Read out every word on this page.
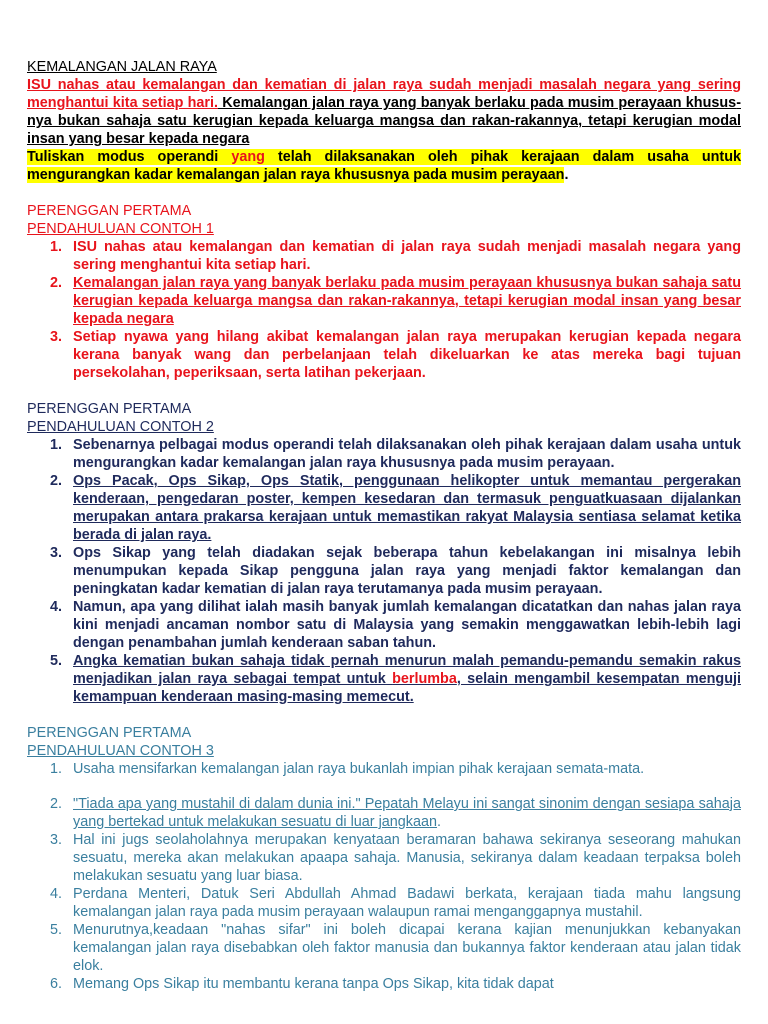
KEMALANGAN JALAN RAYA

ISU nahas atau kemalangan dan kematian di jalan raya sudah menjadi masalah negara yang sering menghantui kita setiap hari. Kemalangan jalan raya yang banyak berlaku pada musim perayaan khususnya bukan sahaja satu kerugian kepada keluarga mangsa dan rakan-rakannya, tetapi kerugian modal insan yang besar kepada negara

Tuliskan modus operandi yang telah dilaksanakan oleh pihak kerajaan dalam usaha untuk mengurangkan kadar kemalangan jalan raya khususnya pada musim perayaan.

PERENGGAN PERTAMA

PENDAHULUAN CONTOH 1

1. ISU nahas atau kemalangan dan kematian di jalan raya sudah menjadi masalah negara yang sering menghantui kita setiap hari.
2. Kemalangan jalan raya yang banyak berlaku pada musim perayaan khususnya bukan sahaja satu kerugian kepada keluarga mangsa dan rakan-rakannya, tetapi kerugian modal insan yang besar kepada negara
3. Setiap nyawa yang hilang akibat kemalangan jalan raya merupakan kerugian kepada negara kerana banyak wang dan perbelanjaan telah dikeluarkan ke atas mereka bagi tujuan persekolahan, peperiksaan, serta latihan pekerjaan.

PERENGGAN PERTAMA

PENDAHULUAN CONTOH 2

1. Sebenarnya pelbagai modus operandi telah dilaksanakan oleh pihak kerajaan dalam usaha untuk mengurangkan kadar kemalangan jalan raya khususnya pada musim perayaan.
2. Ops Pacak, Ops Sikap, Ops Statik, penggunaan helikopter untuk memantau pergerakan kenderaan, pengedaran poster, kempen kesedaran dan termasuk penguatkuasaan dijalankan merupakan antara prakarsa kerajaan untuk memastikan rakyat Malaysia sentiasa selamat ketika berada di jalan raya.
3. Ops Sikap yang telah diadakan sejak beberapa tahun kebelakangan ini misalnya lebih menumpukan kepada Sikap pengguna jalan raya yang menjadi faktor kemalangan dan peningkatan kadar kematian di jalan raya terutamanya pada musim perayaan.
4. Namun, apa yang dilihat ialah masih banyak jumlah kemalangan dicatatkan dan nahas jalan raya kini menjadi ancaman nombor satu di Malaysia yang semakin menggawatkan lebih-lebih lagi dengan penambahan jumlah kenderaan saban tahun.
5. Angka kematian bukan sahaja tidak pernah menurun malah pemandu-pemandu semakin rakus menjadikan jalan raya sebagai tempat untuk berlumba, selain mengambil kesempatan menguji kemampuan kenderaan masing-masing memecut.

PERENGGAN PERTAMA

PENDAHULUAN CONTOH 3

1. Usaha mensifarkan kemalangan jalan raya bukanlah impian pihak kerajaan semata-mata.
2. "Tiada apa yang mustahil di dalam dunia ini." Pepatah Melayu ini sangat sinonim dengan sesiapa sahaja yang bertekad untuk melakukan sesuatu di luar jangkaan.
3. Hal ini jugs seolaholahnya merupakan kenyataan beramaran bahawa sekiranya seseorang mahukan sesuatu, mereka akan melakukan apaapa sahaja. Manusia, sekiranya dalam keadaan terpaksa boleh melakukan sesuatu yang luar biasa.
4. Perdana Menteri, Datuk Seri Abdullah Ahmad Badawi berkata, kerajaan tiada mahu langsung kemalangan jalan raya pada musim perayaan walaupun ramai menganggapnya mustahil.
5. Menurutnya,keadaan "nahas sifar" ini boleh dicapai kerana kajian menunjukkan kebanyakan kemalangan jalan raya disebabkan oleh faktor manusia dan bukannya faktor kenderaan atau jalan tidak elok.
6. Memang Ops Sikap itu membantu kerana tanpa Ops Sikap, kita tidak dapat
